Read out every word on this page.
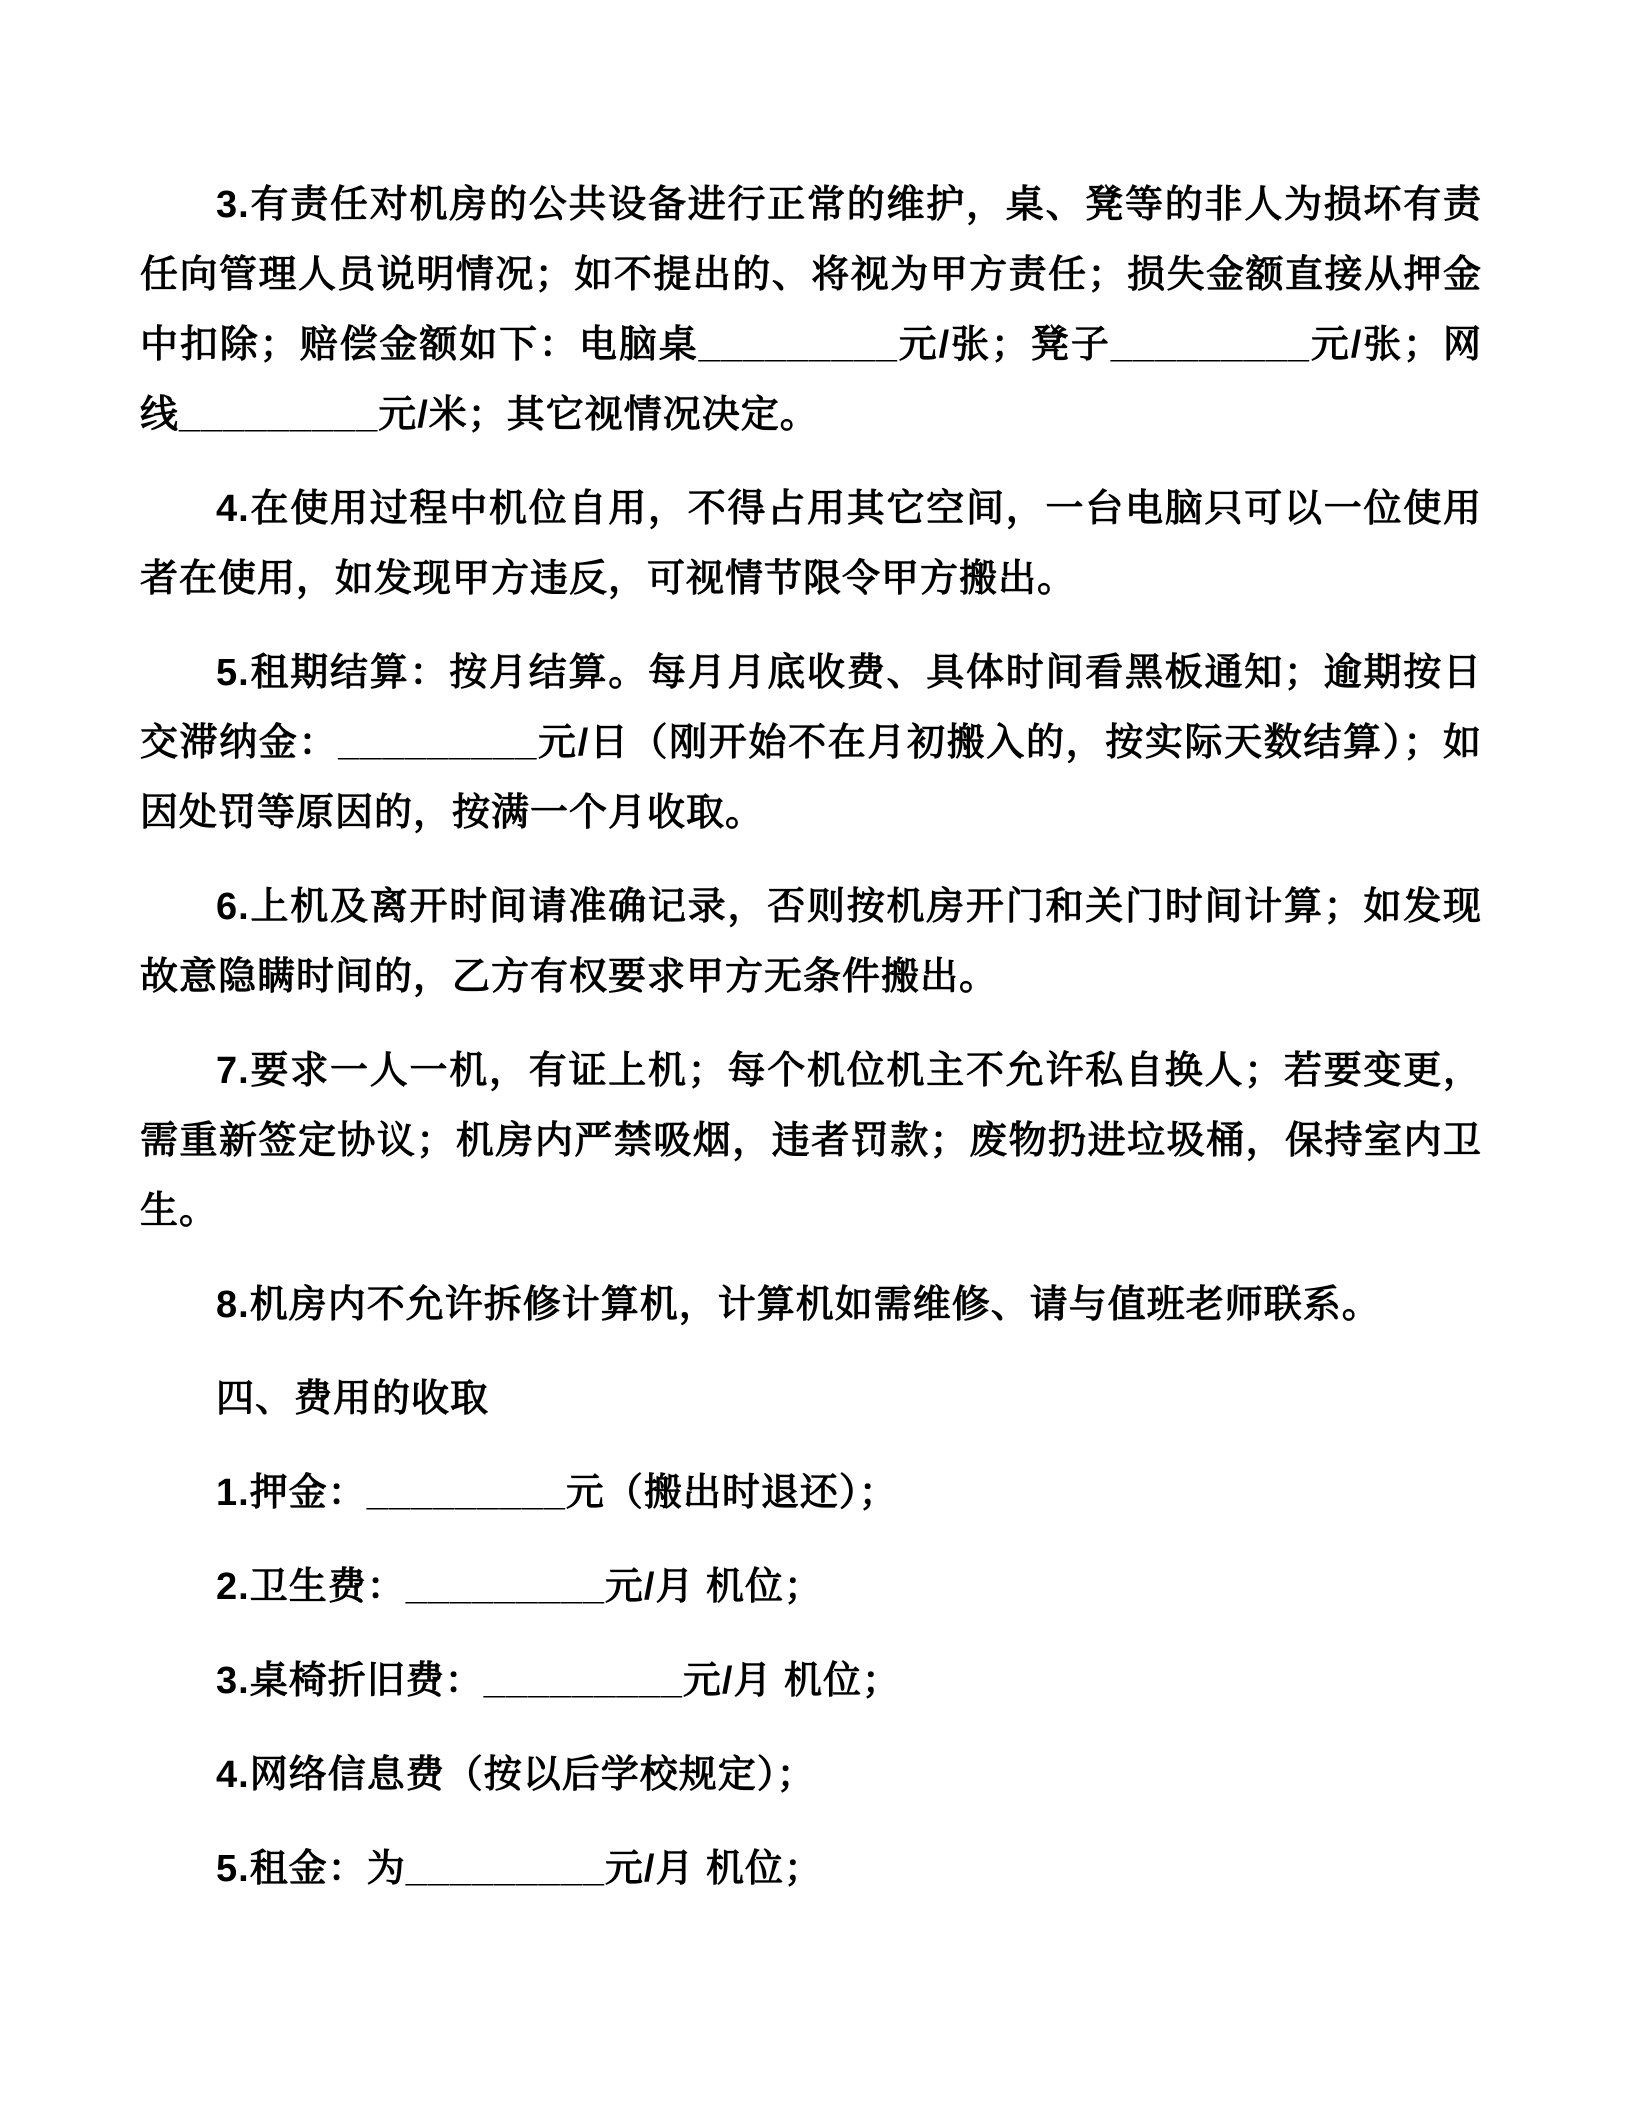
3.有责任对机房的公共设备进行正常的维护，桌、凳等的非人为损坏有责任向管理人员说明情况；如不提出的、将视为甲方责任；损失金额直接从押金中扣除；赔偿金额如下：电脑桌_________元/张；凳子_________元/张；网线_________元/米；其它视情况决定。

4.在使用过程中机位自用，不得占用其它空间，一台电脑只可以一位使用者在使用，如发现甲方违反，可视情节限令甲方搬出。

5.租期结算：按月结算。每月月底收费、具体时间看黑板通知；逾期按日交滞纳金：_________元/日（刚开始不在月初搬入的，按实际天数结算）；如因处罚等原因的，按满一个月收取。

6.上机及离开时间请准确记录，否则按机房开门和关门时间计算；如发现故意隐瞒时间的，乙方有权要求甲方无条件搬出。

7.要求一人一机，有证上机；每个机位机主不允许私自换人；若要变更，需重新签定协议；机房内严禁吸烟，违者罚款；废物扔进垃圾桶，保持室内卫生。

8.机房内不允许拆修计算机，计算机如需维修、请与值班老师联系。

四、费用的收取

1.押金：_________元（搬出时退还）；

2.卫生费：_________元/月 机位；

3.桌椅折旧费：_________元/月 机位；

4.网络信息费（按以后学校规定）；

5.租金：为_________元/月 机位；
